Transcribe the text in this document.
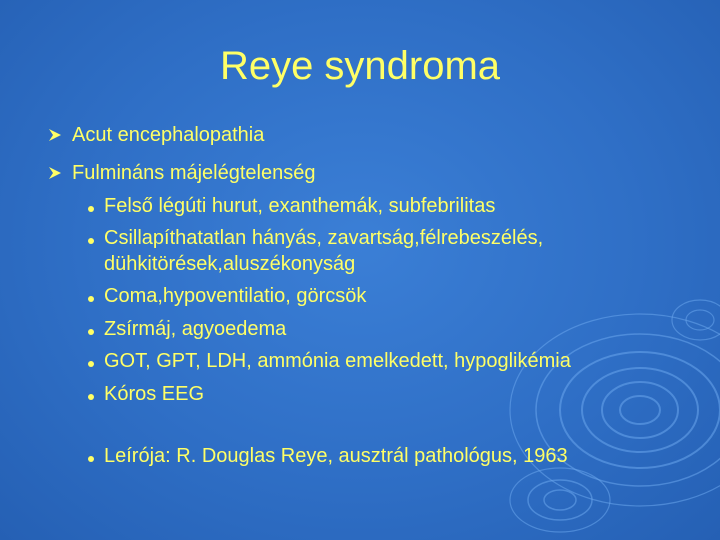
Reye syndroma
Acut encephalopathia
Fulmináns májelégtelenség
Felső légúti hurut, exanthemák, subfebrilitas
Csillapíthatatlan hányás, zavartság,félrebeszélés,
dühkitörések,aluszékonyság
Coma,hypoventilatio, görcsök
Zsírmáj, agyoedema
GOT, GPT, LDH, ammónia emelkedett, hypoglikémia
Kóros EEG
Leírója: R. Douglas Reye, ausztrál pathológus, 1963
